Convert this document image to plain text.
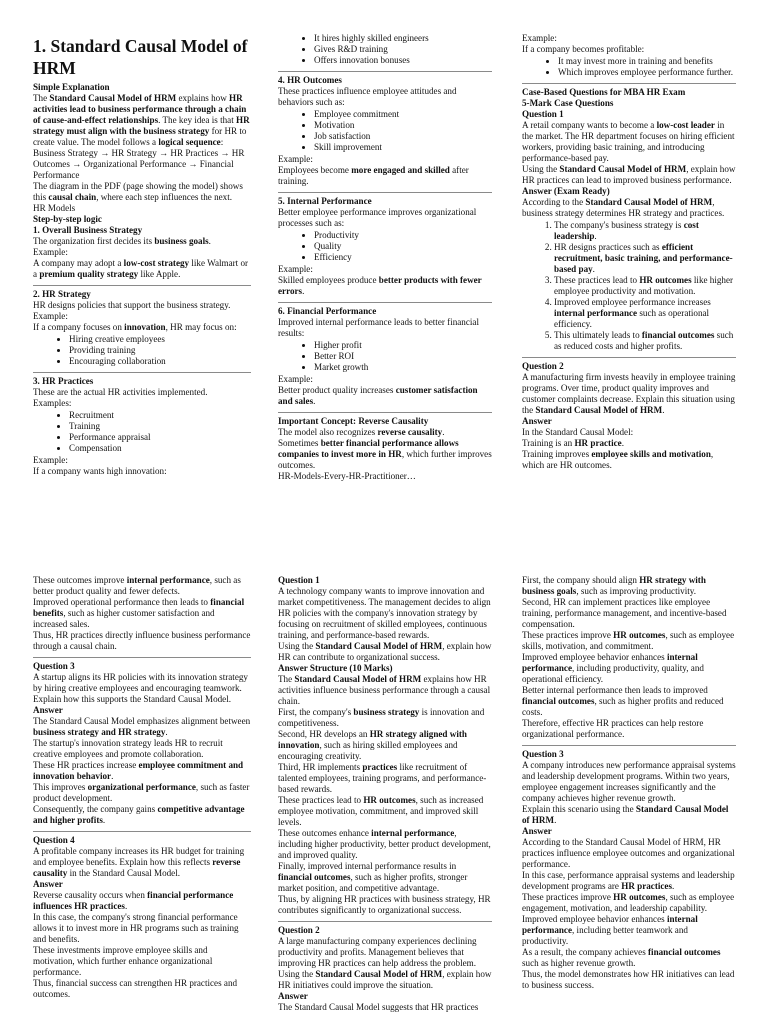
1. Standard Causal Model of HRM

Simple Explanation

The Standard Causal Model of HRM explains how HR activities lead to business performance through a chain of cause-and-effect relationships. The key idea is that HR strategy must align with the business strategy for HR to create value. The model follows a logical sequence:

Business Strategy → HR Strategy → HR Practices → HR Outcomes → Organizational Performance → Financial Performance

The diagram in the PDF (page showing the model) shows this causal chain, where each step influences the next.

HR Models

Step-by-step logic

1. Overall Business Strategy

The organization first decides its business goals.

Example:

A company may adopt a low-cost strategy like Walmart or a premium quality strategy like Apple.

2. HR Strategy

HR designs policies that support the business strategy.

Example:

If a company focuses on innovation, HR may focus on:

• Hiring creative employees
• Providing training
• Encouraging collaboration

3. HR Practices

These are the actual HR activities implemented.

Examples:

• Recruitment
• Training
• Performance appraisal
• Compensation

Example:

If a company wants high innovation:

• It hires highly skilled engineers
• Gives R&D training
• Offers innovation bonuses

4. HR Outcomes

These practices influence employee attitudes and behaviors such as:

• Employee commitment
• Motivation
• Job satisfaction
• Skill improvement

Example:

Employees become more engaged and skilled after training.

5. Internal Performance

Better employee performance improves organizational processes such as:

• Productivity
• Quality
• Efficiency

Example:

Skilled employees produce better products with fewer errors.

6. Financial Performance

Improved internal performance leads to better financial results:

• Higher profit
• Better ROI
• Market growth

Example:

Better product quality increases customer satisfaction and sales.

Important Concept: Reverse Causality

The model also recognizes reverse causality.

Sometimes better financial performance allows companies to invest more in HR, which further improves outcomes.

HR-Models-Every-HR-Practitioner…

Example:

If a company becomes profitable:

• It may invest more in training and benefits
• Which improves employee performance further.

Case-Based Questions for MBA HR Exam

5-Mark Case Questions

Question 1

A retail company wants to become a low-cost leader in the market. The HR department focuses on hiring efficient workers, providing basic training, and introducing performance-based pay.

Using the Standard Causal Model of HRM, explain how HR practices can lead to improved business performance.

Answer (Exam Ready)

According to the Standard Causal Model of HRM, business strategy determines HR strategy and practices.

1. The company's business strategy is cost leadership.
2. HR designs practices such as efficient recruitment, basic training, and performance-based pay.
3. These practices lead to HR outcomes like higher employee productivity and motivation.
4. Improved employee performance increases internal performance such as operational efficiency.
5. This ultimately leads to financial outcomes such as reduced costs and higher profits.

Question 2

A manufacturing firm invests heavily in employee training programs. Over time, product quality improves and customer complaints decrease. Explain this situation using the Standard Causal Model of HRM.

Answer

In the Standard Causal Model:

Training is an HR practice.

Training improves employee skills and motivation, which are HR outcomes.

These outcomes improve internal performance, such as better product quality and fewer defects.

Improved operational performance then leads to financial benefits, such as higher customer satisfaction and increased sales.

Thus, HR practices directly influence business performance through a causal chain.

Question 3

A startup aligns its HR policies with its innovation strategy by hiring creative employees and encouraging teamwork. Explain how this supports the Standard Causal Model.

Answer

The Standard Causal Model emphasizes alignment between business strategy and HR strategy.

The startup's innovation strategy leads HR to recruit creative employees and promote collaboration.

These HR practices increase employee commitment and innovation behavior.

This improves organizational performance, such as faster product development.

Consequently, the company gains competitive advantage and higher profits.

Question 4

A profitable company increases its HR budget for training and employee benefits. Explain how this reflects reverse causality in the Standard Causal Model.

Answer

Reverse causality occurs when financial performance influences HR practices.

In this case, the company's strong financial performance allows it to invest more in HR programs such as training and benefits.

These investments improve employee skills and motivation, which further enhance organizational performance.

Thus, financial success can strengthen HR practices and outcomes.

Question 1

A technology company wants to improve innovation and market competitiveness. The management decides to align HR policies with the company's innovation strategy by focusing on recruitment of skilled employees, continuous training, and performance-based rewards.

Using the Standard Causal Model of HRM, explain how HR can contribute to organizational success.

Answer Structure (10 Marks)

The Standard Causal Model of HRM explains how HR activities influence business performance through a causal chain.

First, the company's business strategy is innovation and competitiveness.

Second, HR develops an HR strategy aligned with innovation, such as hiring skilled employees and encouraging creativity.

Third, HR implements practices like recruitment of talented employees, training programs, and performance-based rewards.

These practices lead to HR outcomes, such as increased employee motivation, commitment, and improved skill levels.

These outcomes enhance internal performance, including higher productivity, better product development, and improved quality.

Finally, improved internal performance results in financial outcomes, such as higher profits, stronger market position, and competitive advantage.

Thus, by aligning HR practices with business strategy, HR contributes significantly to organizational success.

Question 2

A large manufacturing company experiences declining productivity and profits. Management believes that improving HR practices can help address the problem.

Using the Standard Causal Model of HRM, explain how HR initiatives could improve the situation.

Answer

The Standard Causal Model suggests that HR practices

First, the company should align HR strategy with business goals, such as improving productivity.

Second, HR can implement practices like employee training, performance management, and incentive-based compensation.

These practices improve HR outcomes, such as employee skills, motivation, and commitment.

Improved employee behavior enhances internal performance, including productivity, quality, and operational efficiency.

Better internal performance then leads to improved financial outcomes, such as higher profits and reduced costs.

Therefore, effective HR practices can help restore organizational performance.

Question 3

A company introduces new performance appraisal systems and leadership development programs. Within two years, employee engagement increases significantly and the company achieves higher revenue growth.

Explain this scenario using the Standard Causal Model of HRM.

Answer

According to the Standard Causal Model of HRM, HR practices influence employee outcomes and organizational performance.

In this case, performance appraisal systems and leadership development programs are HR practices.

These practices improve HR outcomes, such as employee engagement, motivation, and leadership capability.

Improved employee behavior enhances internal performance, including better teamwork and productivity.

As a result, the company achieves financial outcomes such as higher revenue growth.

Thus, the model demonstrates how HR initiatives can lead to business success.
